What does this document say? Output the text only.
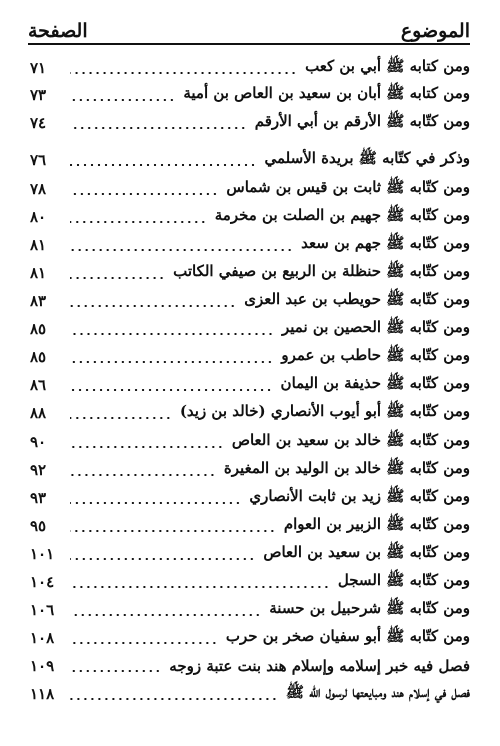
الصفحة	الموضوع
ومن كتابه ﷺ أبي بن كعب
٧١
ومن كتابه ﷺ أبان بن سعيد بن العاص بن أمية
٧٣
ومن كتّابه ﷺ الأرقم بن أبي الأرقم
٧٤
وذكر في كتّابه ﷺ بريدة الأسلمي
٧٦
ومن كتّابه ﷺ ثابت بن قيس بن شماس
٧٨
ومن كتّابه ﷺ جهيم بن الصلت بن مخرمة
٨٠
ومن كتّابه ﷺ جهم بن سعد
٨١
ومن كتّابه ﷺ حنظلة بن الربيع بن صيفي الكاتب
٨١
ومن كتّابه ﷺ حويطب بن عبد العزى
٨٣
ومن كتّابه ﷺ الحصين بن نمير
٨٥
ومن كتّابه ﷺ حاطب بن عمرو
٨٥
ومن كتّابه ﷺ حذيفة بن اليمان
٨٦
ومن كتّابه ﷺ أبو أيوب الأنصاري (خالد بن زيد)
٨٨
ومن كتّابه ﷺ خالد بن سعيد بن العاص
٩٠
ومن كتّابه ﷺ خالد بن الوليد بن المغيرة
٩٢
ومن كتّابه ﷺ زيد بن ثابت الأنصاري
٩٣
ومن كتّابه ﷺ الزبير بن العوام
٩٥
ومن كتّابه ﷺ بن سعيد بن العاص
١٠١
ومن كتّابه ﷺ السجل
١٠٤
ومن كتّابه ﷺ شرحبيل بن حسنة
١٠٦
ومن كتّابه ﷺ أبو سفيان صخر بن حرب
١٠٨
فصل فيه خبر إسلامه وإسلام هند بنت عتبة زوجه
١٠٩
فصل في إسلام هند ومبايعتها لرسول الله ﷺ
١١٨
